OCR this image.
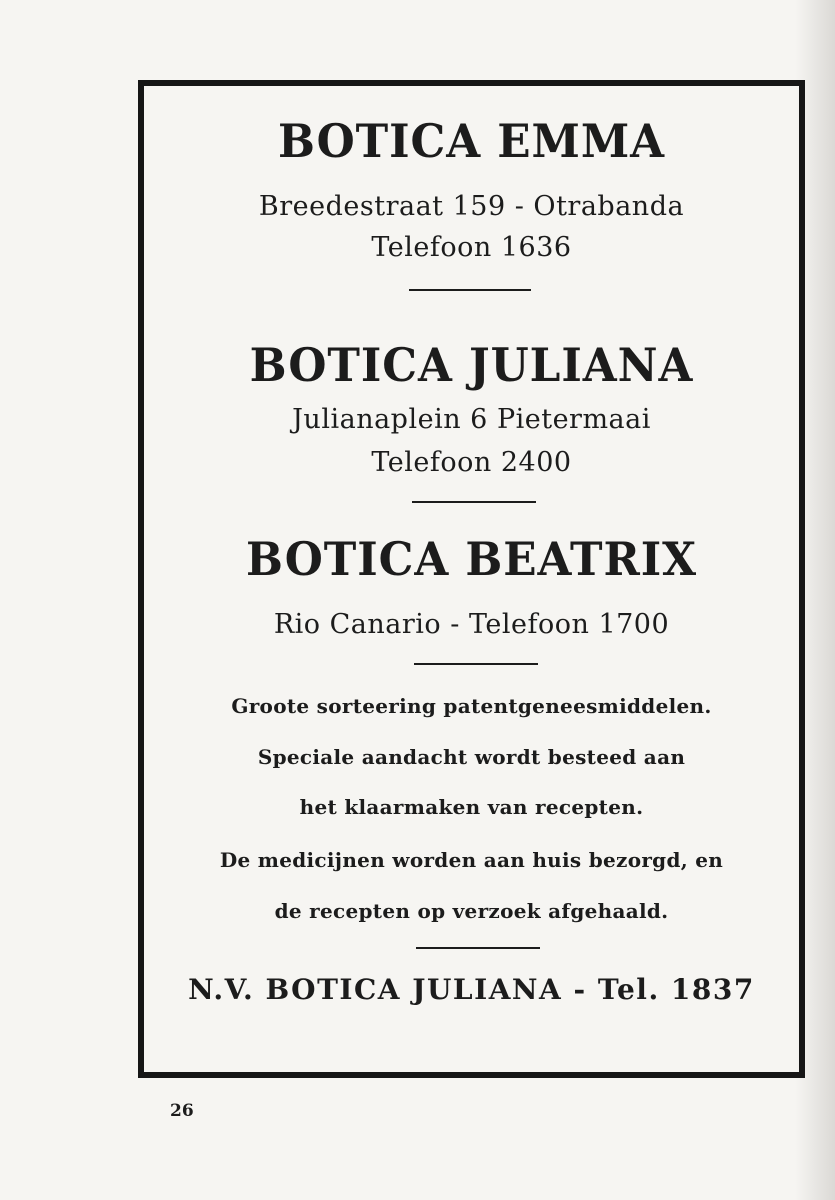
BOTICA EMMA
Breedestraat 159 - Otrabanda
Telefoon 1636
BOTICA JULIANA
Julianaplein 6 Pietermaai
Telefoon 2400
BOTICA BEATRIX
Rio Canario - Telefoon 1700
Groote sorteering patentgeneesmiddelen.
Speciale aandacht wordt besteed aan
het klaarmaken van recepten.
De medicijnen worden aan huis bezorgd, en
de recepten op verzoek afgehaald.
N.V. BOTICA JULIANA - Tel. 1837
26
